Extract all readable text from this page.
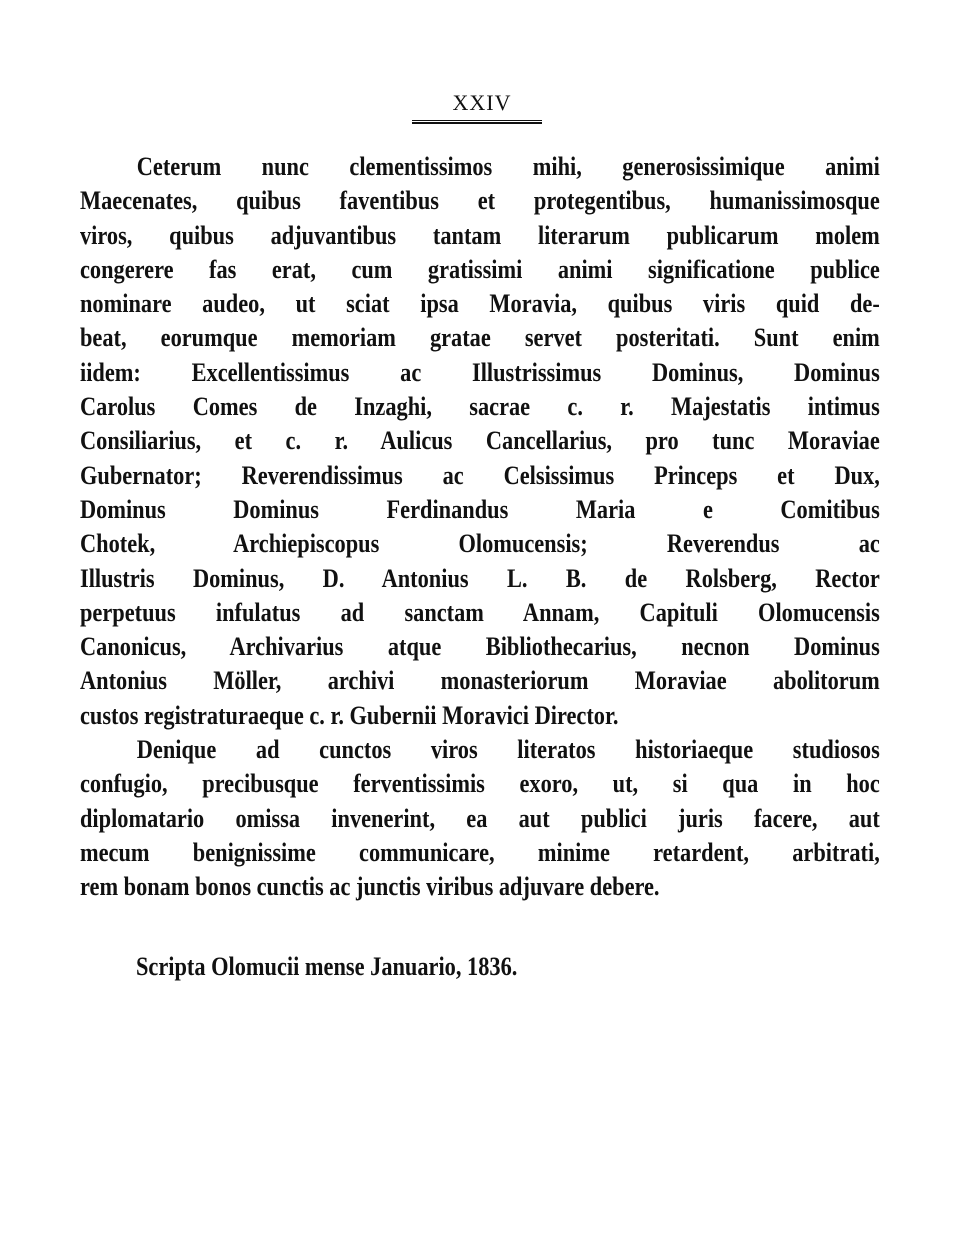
XXIV
Ceterum nunc clementissimos mihi, generosissimique animi
Maecenates, quibus faventibus et protegentibus, humanissimosque
viros, quibus adjuvantibus tantam literarum publicarum molem
congerere fas erat, cum gratissimi animi significatione publice
nominare audeo, ut sciat ipsa Moravia, quibus viris quid de-
beat, eorumque memoriam gratae servet posteritati. Sunt enim
iidem: Excellentissimus ac Illustrissimus Dominus, Dominus
Carolus Comes de Inzaghi, sacrae c. r. Majestatis intimus
Consiliarius, et c. r. Aulicus Cancellarius, pro tunc Moraviae
Gubernator; Reverendissimus ac Celsissimus Princeps et Dux,
Dominus Dominus Ferdinandus Maria e Comitibus
Chotek, Archiepiscopus Olomucensis; Reverendus ac
Illustris Dominus, D. Antonius L. B. de Rolsberg, Rector
perpetuus infulatus ad sanctam Annam, Capituli Olomucensis
Canonicus, Archivarius atque Bibliothecarius, necnon Dominus
Antonius Möller, archivi monasteriorum Moraviae abolitorum
custos registraturaeque c. r. Gubernii Moravici Director.
Denique ad cunctos viros literatos historiaeque studiosos
confugio, precibusque ferventissimis exoro, ut, si qua in hoc
diplomatario omissa invenerint, ea aut publici juris facere, aut
mecum benignissime communicare, minime retardent, arbitrati,
rem bonam bonos cunctis ac junctis viribus adjuvare debere.
Scripta Olomucii mense Januario, 1836.
